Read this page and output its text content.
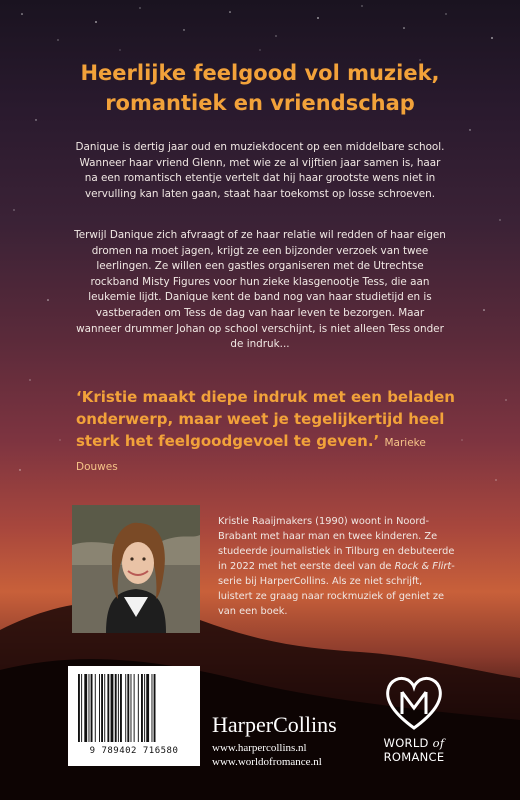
Heerlijke feelgood vol muziek,
romantiek en vriendschap
Danique is dertig jaar oud en muziekdocent op een middelbare school. Wanneer haar vriend Glenn, met wie ze al vijftien jaar samen is, haar na een romantisch etentje vertelt dat hij haar grootste wens niet in vervulling kan laten gaan, staat haar toekomst op losse schroeven.
Terwijl Danique zich afvraagt of ze haar relatie wil redden of haar eigen dromen na moet jagen, krijgt ze een bijzonder verzoek van twee leerlingen. Ze willen een gastles organiseren met de Utrechtse rockband Misty Figures voor hun zieke klasgenootje Tess, die aan leukemie lijdt. Danique kent de band nog van haar studietijd en is vastberaden om Tess de dag van haar leven te bezorgen. Maar wanneer drummer Johan op school verschijnt, is niet alleen Tess onder de indruk...
‘Kristie maakt diepe indruk met een beladen onderwerp, maar weet je tegelijkertijd heel sterk het feelgoodgevoel te geven.’ Marieke Douwes
Kristie Raaijmakers (1990) woont in Noord-Brabant met haar man en twee kinderen. Ze studeerde journalistiek in Tilburg en debuteerde in 2022 met het eerste deel van de Rock & Flirt-serie bij HarperCollins. Als ze niet schrijft, luistert ze graag naar rockmuziek of geniet ze van een boek.
9 789402 716580
HarperCollins
www.harpercollins.nl
www.worldofromance.nl
WORLD of
ROMANCE
